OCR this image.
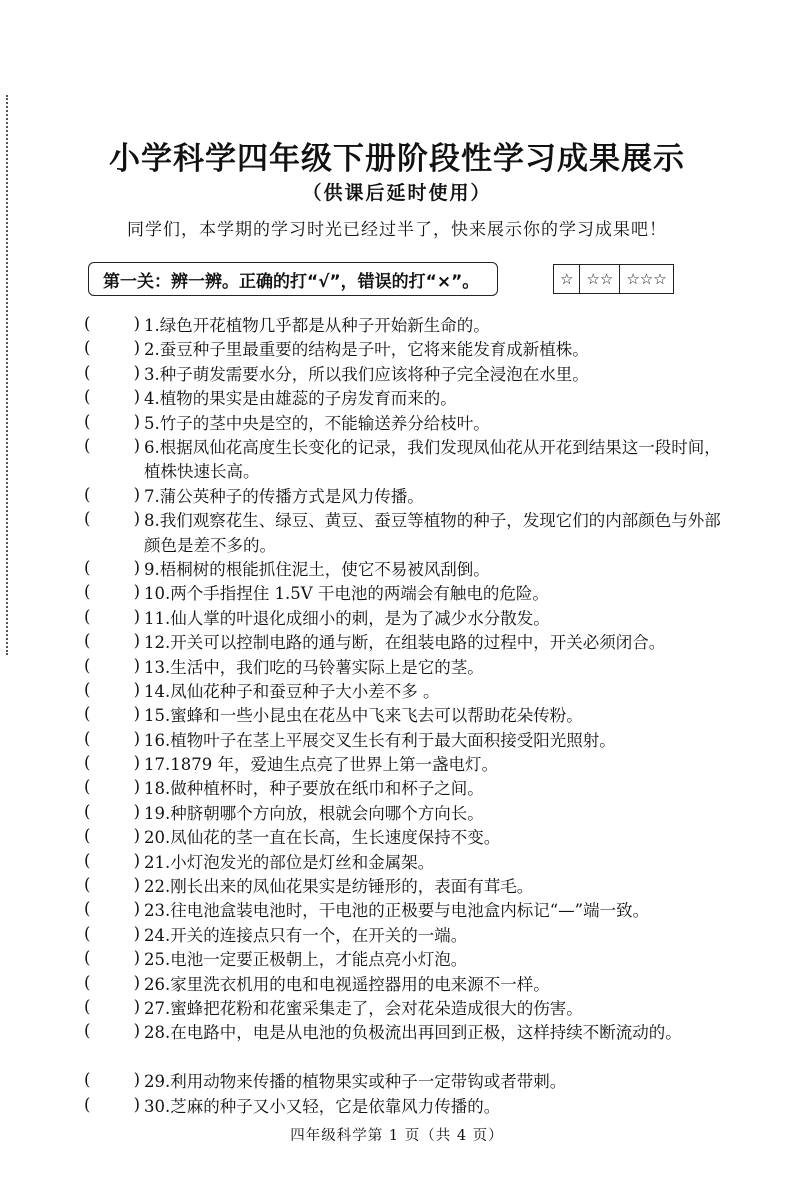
小学科学四年级下册阶段性学习成果展示
（供课后延时使用）
同学们，本学期的学习时光已经过半了，快来展示你的学习成果吧！
第一关：辨一辨。正确的打“√”，错误的打“×”。	☆ ☆☆ ☆☆☆
(	) 1.绿色开花植物几乎都是从种子开始新生命的。
(	) 2.蚕豆种子里最重要的结构是子叶，它将来能发育成新植株。
(	) 3.种子萌发需要水分，所以我们应该将种子完全浸泡在水里。
(	) 4.植物的果实是由雄蕊的子房发育而来的。
(	) 5.竹子的茎中央是空的，不能输送养分给枝叶。
(	) 6.根据凤仙花高度生长变化的记录，我们发现凤仙花从开花到结果这一段时间，植株快速长高。
(	) 7.蒲公英种子的传播方式是风力传播。
(	) 8.我们观察花生、绿豆、黄豆、蚕豆等植物的种子，发现它们的内部颜色与外部颜色是差不多的。
(	) 9.梧桐树的根能抓住泥土，使它不易被风刮倒。
(	) 10.两个手指捏住 1.5V 干电池的两端会有触电的危险。
(	) 11.仙人掌的叶退化成细小的刺，是为了减少水分散发。
(	) 12.开关可以控制电路的通与断，在组装电路的过程中，开关必须闭合。
(	) 13.生活中，我们吃的马铃薯实际上是它的茎。
(	) 14.凤仙花种子和蚕豆种子大小差不多 。
(	) 15.蜜蜂和一些小昆虫在花丛中飞来飞去可以帮助花朵传粉。
(	) 16.植物叶子在茎上平展交叉生长有利于最大面积接受阳光照射。
(	) 17.1879 年，爱迪生点亮了世界上第一盏电灯。
(	) 18.做种植杯时，种子要放在纸巾和杯子之间。
(	) 19.种脐朝哪个方向放，根就会向哪个方向长。
(	) 20.凤仙花的茎一直在长高，生长速度保持不变。
(	) 21.小灯泡发光的部位是灯丝和金属架。
(	) 22.刚长出来的凤仙花果实是纺锤形的，表面有茸毛。
(	) 23.往电池盒装电池时，干电池的正极要与电池盒内标记“—”端一致。
(	) 24.开关的连接点只有一个，在开关的一端。
(	) 25.电池一定要正极朝上，才能点亮小灯泡。
(	) 26.家里洗衣机用的电和电视遥控器用的电来源不一样。
(	) 27.蜜蜂把花粉和花蜜采集走了，会对花朵造成很大的伤害。
(	) 28.在电路中，电是从电池的负极流出再回到正极，这样持续不断流动的。
(	) 29.利用动物来传播的植物果实或种子一定带钩或者带刺。
(	) 30.芝麻的种子又小又轻，它是依靠风力传播的。
四年级科学第 1 页（共 4 页）
